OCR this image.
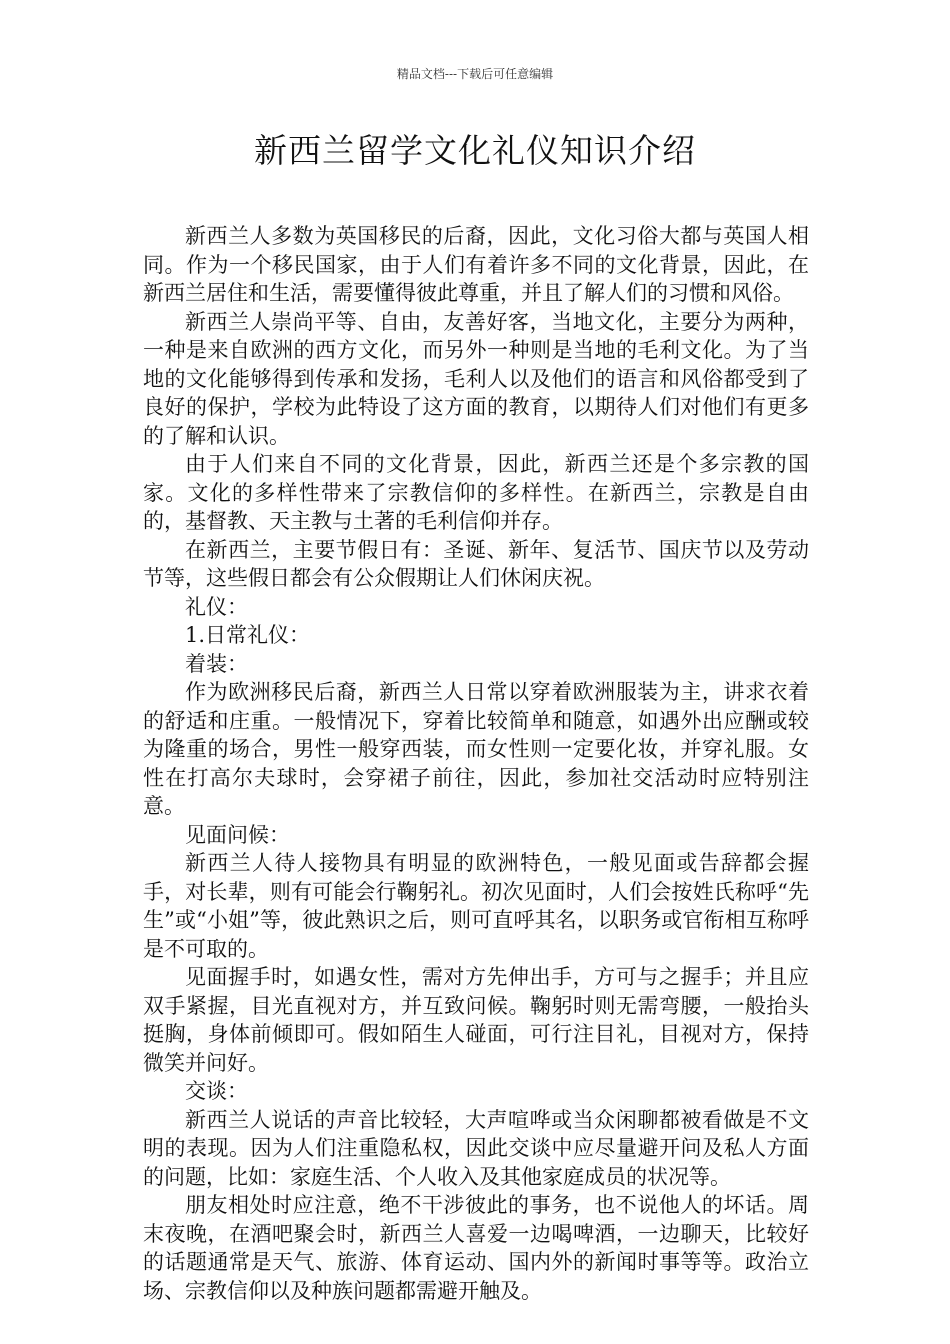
精品文档---下载后可任意编辑
新西兰留学文化礼仪知识介绍

新西兰人多数为英国移民的后裔，因此，文化习俗大都与英国人相同。作为一个移民国家，由于人们有着许多不同的文化背景，因此，在新西兰居住和生活，需要懂得彼此尊重，并且了解人们的习惯和风俗。

新西兰人崇尚平等、自由，友善好客，当地文化，主要分为两种，一种是来自欧洲的西方文化，而另外一种则是当地的毛利文化。为了当地的文化能够得到传承和发扬，毛利人以及他们的语言和风俗都受到了良好的保护，学校为此特设了这方面的教育，以期待人们对他们有更多的了解和认识。

由于人们来自不同的文化背景，因此，新西兰还是个多宗教的国家。文化的多样性带来了宗教信仰的多样性。在新西兰，宗教是自由的，基督教、天主教与土著的毛利信仰并存。

在新西兰，主要节假日有：圣诞、新年、复活节、国庆节以及劳动节等，这些假日都会有公众假期让人们休闲庆祝。

礼仪：

1.日常礼仪：

着装：

作为欧洲移民后裔，新西兰人日常以穿着欧洲服装为主，讲求衣着的舒适和庄重。一般情况下，穿着比较简单和随意，如遇外出应酬或较为隆重的场合，男性一般穿西装，而女性则一定要化妆，并穿礼服。女性在打高尔夫球时，会穿裙子前往，因此，参加社交活动时应特别注意。

见面问候：

新西兰人待人接物具有明显的欧洲特色，一般见面或告辞都会握手，对长辈，则有可能会行鞠躬礼。初次见面时，人们会按姓氏称呼“先生”或“小姐”等，彼此熟识之后，则可直呼其名，以职务或官衔相互称呼是不可取的。

见面握手时，如遇女性，需对方先伸出手，方可与之握手；并且应双手紧握，目光直视对方，并互致问候。鞠躬时则无需弯腰，一般抬头挺胸，身体前倾即可。假如陌生人碰面，可行注目礼，目视对方，保持微笑并问好。

交谈：

新西兰人说话的声音比较轻，大声喧哗或当众闲聊都被看做是不文明的表现。因为人们注重隐私权，因此交谈中应尽量避开问及私人方面的问题，比如：家庭生活、个人收入及其他家庭成员的状况等。

朋友相处时应注意，绝不干涉彼此的事务，也不说他人的坏话。周末夜晚，在酒吧聚会时，新西兰人喜爱一边喝啤酒，一边聊天，比较好的话题通常是天气、旅游、体育运动、国内外的新闻时事等等。政治立场、宗教信仰以及种族问题都需避开触及。
